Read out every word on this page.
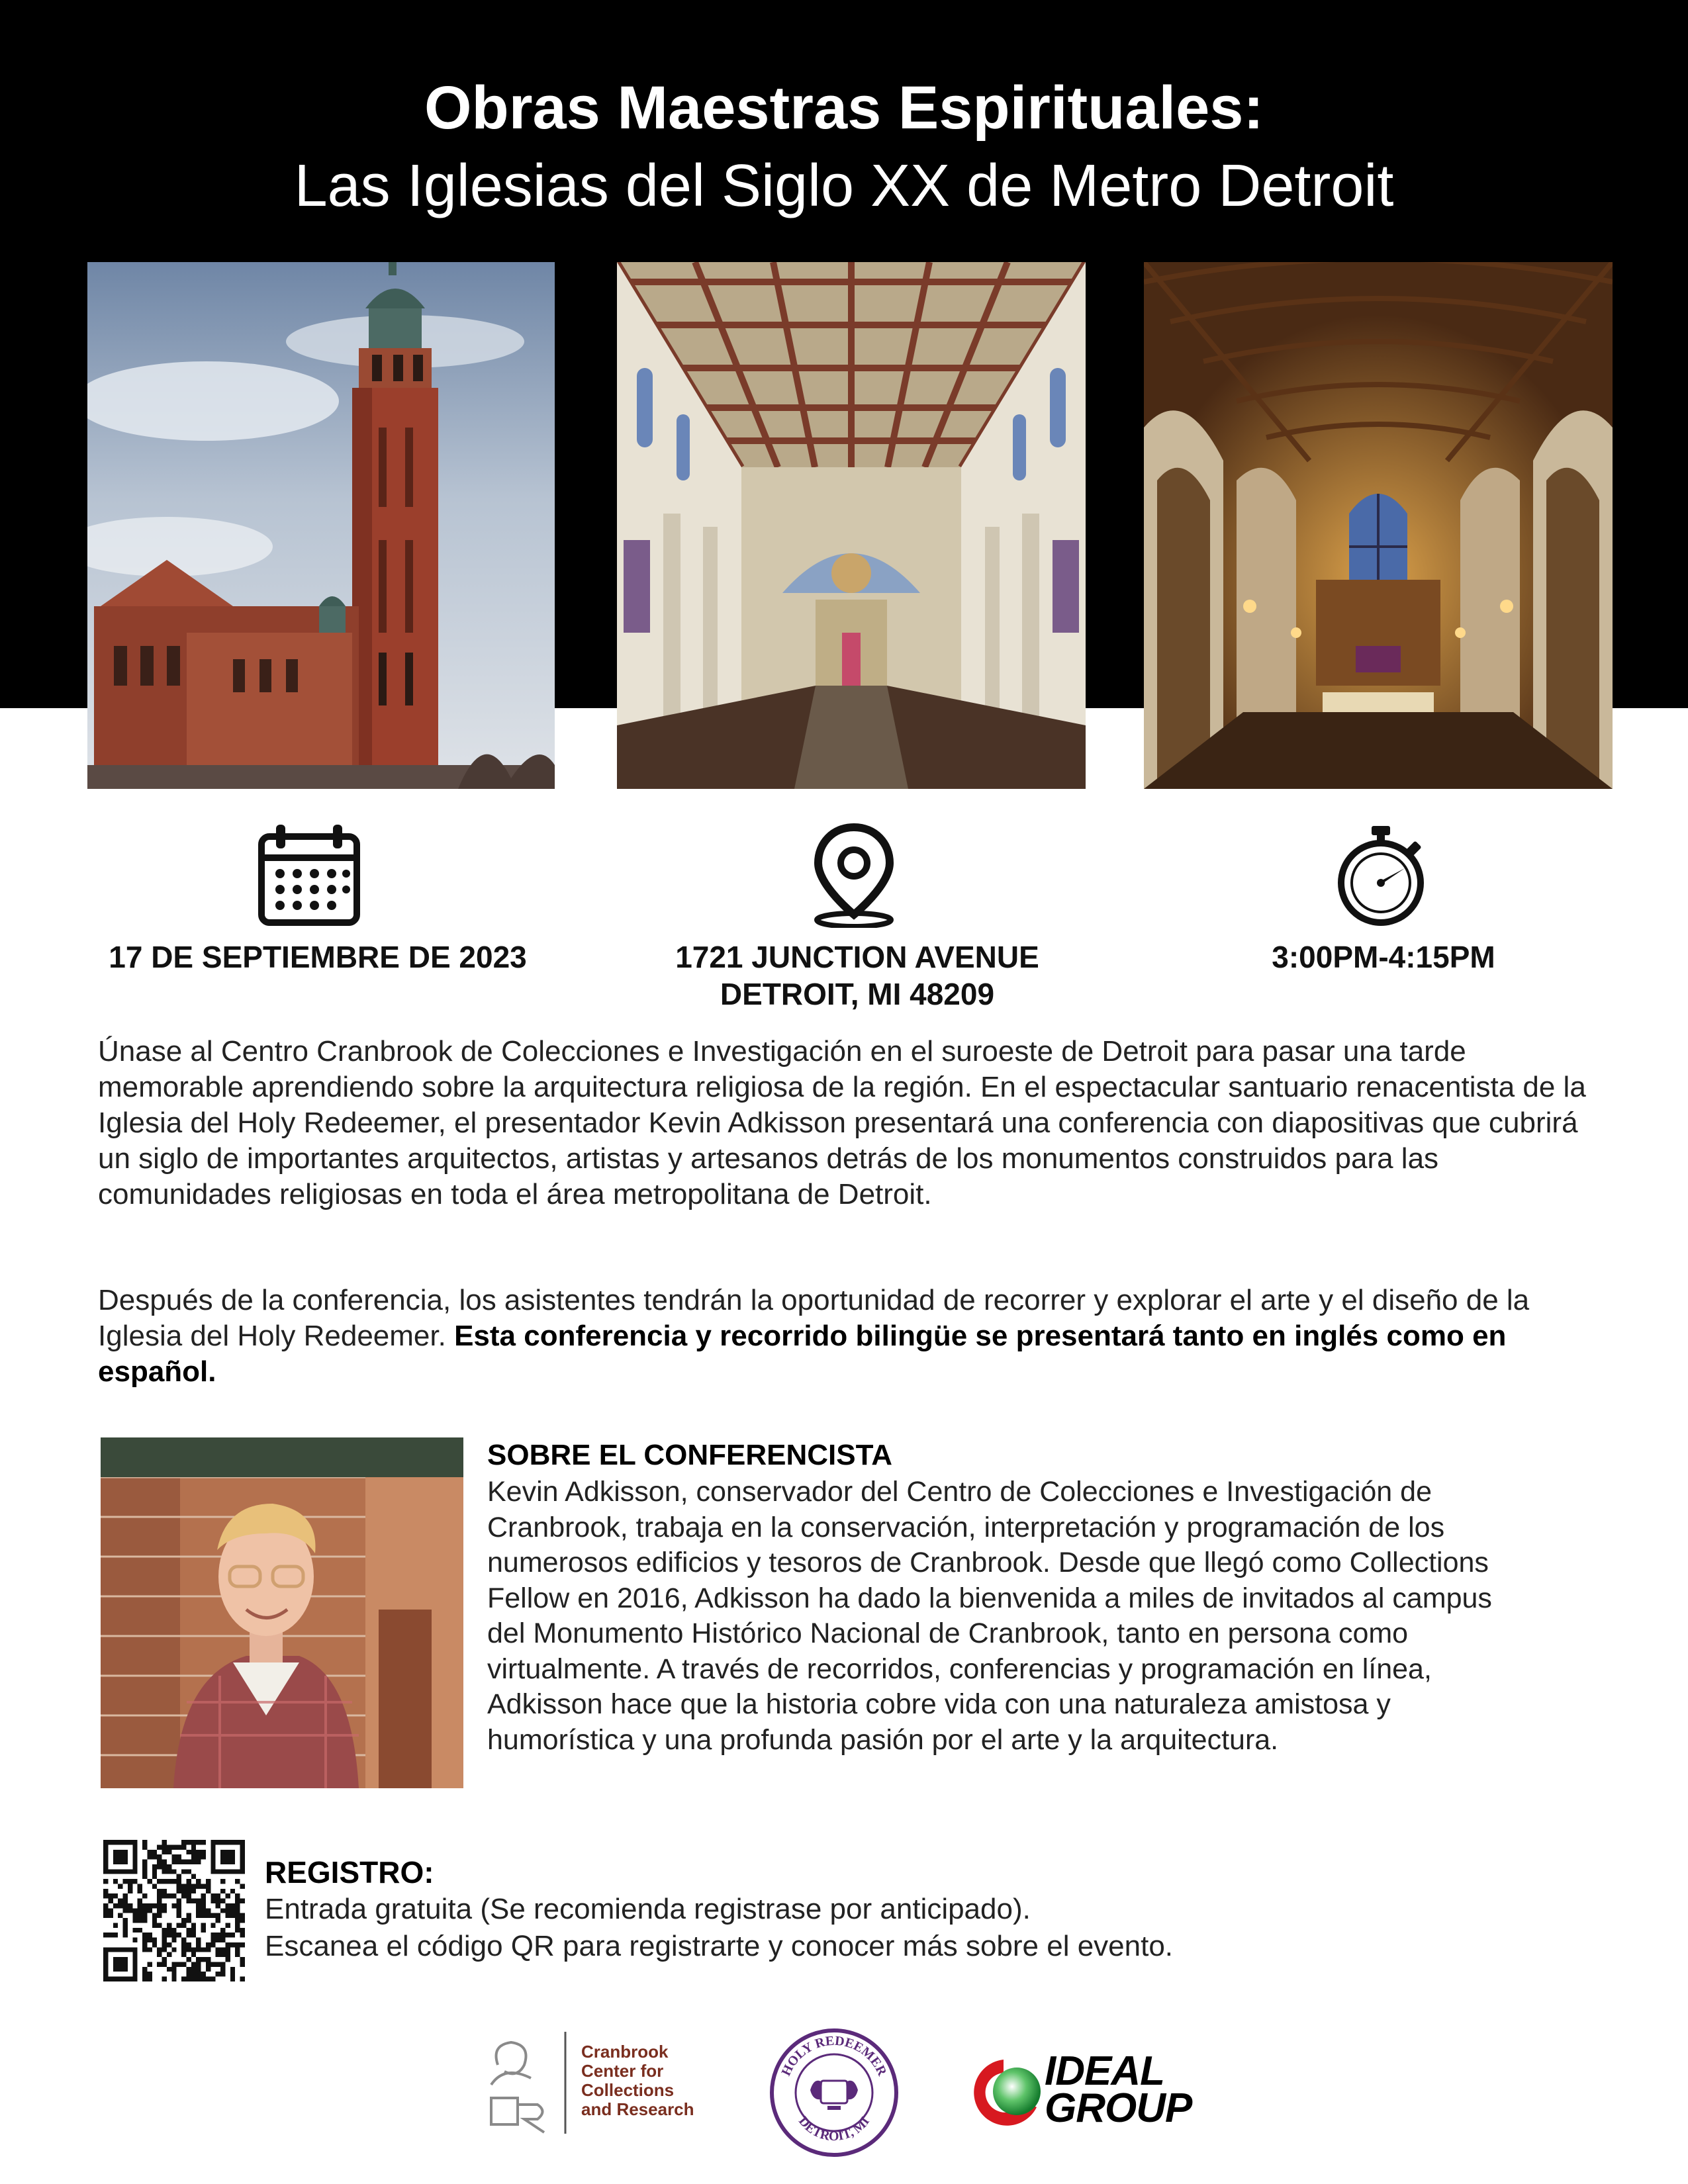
Obras Maestras Espirituales:
Las Iglesias del Siglo XX de Metro Detroit
17 DE SEPTIEMBRE DE 2023	1721 JUNCTION AVENUE
DETROIT, MI 48209
3:00PM-4:15PM

Únase al Centro Cranbrook de Colecciones e Investigación en el suroeste de Detroit para pasar una tarde memorable aprendiendo sobre la arquitectura religiosa de la región. En el espectacular santuario renacentista de la Iglesia del Holy Redeemer, el presentador Kevin Adkisson presentará una conferencia con diapositivas que cubrirá un siglo de importantes arquitectos, artistas y artesanos detrás de los monumentos construidos para las comunidades religiosas en toda el área metropolitana de Detroit.

Después de la conferencia, los asistentes tendrán la oportunidad de recorrer y explorar el arte y el diseño de la Iglesia del Holy Redeemer. Esta conferencia y recorrido bilingüe se presentará tanto en inglés como en español.

SOBRE EL CONFERENCISTA

Kevin Adkisson, conservador del Centro de Colecciones e Investigación de Cranbrook, trabaja en la conservación, interpretación y programación de los numerosos edificios y tesoros de Cranbrook. Desde que llegó como Collections Fellow en 2016, Adkisson ha dado la bienvenida a miles de invitados al campus del Monumento Histórico Nacional de Cranbrook, tanto en persona como virtualmente. A través de recorridos, conferencias y programación en línea, Adkisson hace que la historia cobre vida con una naturaleza amistosa y humorística y una profunda pasión por el arte y la arquitectura.

REGISTRO:
Entrada gratuita (Se recomienda registrase por anticipado).
Escanea el código QR para registrarte y conocer más sobre el evento.
Cranbrook
Center for
Collections
and Research
HOLY REDEEMER
DETROIT, MI
IDEAL
GROUP
